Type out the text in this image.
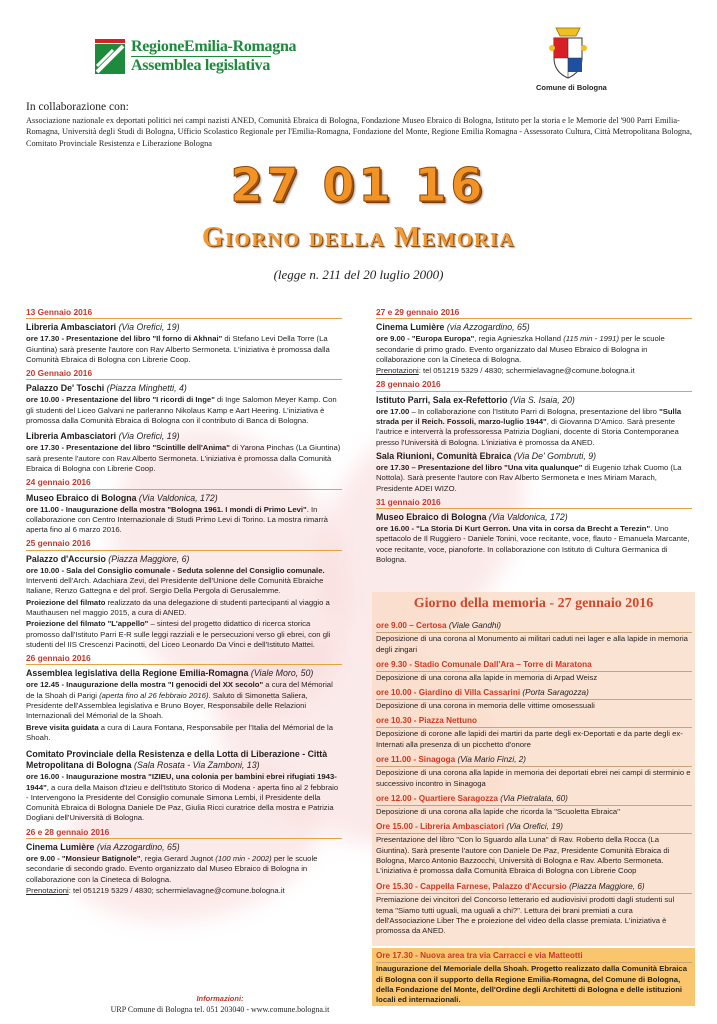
RegioneEmilia-Romagna
Assemblea legislativa
Comune di Bologna
In collaborazione con:
Associazione nazionale ex deportati politici nei campi nazisti ANED, Comunità Ebraica di Bologna, Fondazione Museo Ebraico di Bologna, Istituto per la storia e le Memorie del '900 Parri Emilia-Romagna, Università degli Studi di Bologna, Ufficio Scolastico Regionale per l'Emilia-Romagna, Fondazione del Monte, Regione Emilia Romagna - Assessorato Cultura, Città Metropolitana Bologna, Comitato Provinciale Resistenza e Liberazione Bologna
27 01 16
Giorno della Memoria
(legge n. 211 del 20 luglio 2000)
13 Gennaio 2016
Libreria Ambasciatori (Via Orefici, 19)
ore 17.30 - Presentazione del libro "Il forno di Akhnai" di Stefano Levi Della Torre (La Giuntina) sarà presente l'autore con Rav Alberto Sermoneta. L'iniziativa è promossa dalla Comunità Ebraica di Bologna con Librerie Coop.
20 Gennaio 2016
Palazzo De' Toschi (Piazza Minghetti, 4)
ore 10.00 - Presentazione del libro "I ricordi di Inge" di Inge Salomon Meyer Kamp. Con gli studenti del Liceo Galvani ne parleranno Nikolaus Kamp e Aart Heering. L'iniziativa è promossa dalla Comunità Ebraica di Bologna con il contributo di Banca di Bologna.
Libreria Ambasciatori (Via Orefici, 19)
ore 17.30 - Presentazione del libro "Scintille dell'Anima" di Yarona Pinchas (La Giuntina) sarà presente l'autore con Rav.Alberto Sermoneta. L'iniziativa è promossa dalla Comunità Ebraica di Bologna con Librerie Coop.
24 gennaio 2016
Museo Ebraico di Bologna (Via Valdonica, 172)
ore 11.00 - Inaugurazione della mostra "Bologna 1961. I mondi di Primo Levi". In collaborazione con Centro Internazionale di Studi Primo Levi di Torino. La mostra rimarrà aperta fino al 6 marzo 2016.
25 gennaio 2016
Palazzo d'Accursio (Piazza Maggiore, 6)
ore 10.00 - Sala del Consiglio comunale - Seduta solenne del Consiglio comunale. Interventi dell'Arch. Adachiara Zevi, del Presidente dell'Unione delle Comunità Ebraiche Italiane, Renzo Gattegna e del prof. Sergio Della Pergola di Gerusalemme.
Proiezione del filmato realizzato da una delegazione di studenti partecipanti al viaggio a Mauthausen nel maggio 2015, a cura di ANED.
Proiezione del filmato "L'appello" – sintesi del progetto didattico di ricerca storica promosso dall'Istituto Parri E-R sulle leggi razziali e le persecuzioni verso gli ebrei, con gli studenti del IIS Crescenzi Pacinotti, del Liceo Leonardo Da Vinci e dell'Istituto Mattei.
26 gennaio 2016
Assemblea legislativa della Regione Emilia-Romagna (Viale Moro, 50)
ore 12.45 - Inaugurazione della mostra "I genocidi del XX secolo" a cura del Mémorial de la Shoah di Parigi (aperta fino al 26 febbraio 2016). Saluto di Simonetta Saliera, Presidente dell'Assemblea legislativa e Bruno Boyer, Responsabile delle Relazioni Internazionali del Mémorial de la Shoah.
Breve visita guidata a cura di Laura Fontana, Responsabile per l'Italia del Mémorial de la Shoah.
Comitato Provinciale della Resistenza e della Lotta di Liberazione - Città Metropolitana di Bologna (Sala Rosata - Via Zamboni, 13)
ore 16.00 - Inaugurazione mostra "IZIEU, una colonia per bambini ebrei rifugiati 1943-1944", a cura della Maison d'Izieu e dell'Istituto Storico di Modena - aperta fino al 2 febbraio - Intervengono la Presidente del Consiglio comunale Simona Lembi, il Presidente della Comunità Ebraica di Bologna Daniele De Paz, Giulia Ricci curatrice della mostra e Patrizia Dogliani dell'Università di Bologna.
26 e 28 gennaio 2016
Cinema Lumière (via Azzogardino, 65)
ore 9.00 - "Monsieur Batignole", regia Gerard Jugnot (100 min - 2002) per le scuole secondarie di secondo grado. Evento organizzato dal Museo Ebraico di Bologna in collaborazione con la Cineteca di Bologna.
Prenotazioni: tel 051219 5329 / 4830; schermielavagne@comune.bologna.it
27 e 29 gennaio 2016
Cinema Lumière (via Azzogardino, 65)
ore 9.00 - "Europa Europa", regia Agnieszka Holland (115 min - 1991) per le scuole secondarie di primo grado. Evento organizzato dal Museo Ebraico di Bologna in collaborazione con la Cineteca di Bologna.
Prenotazioni: tel 051219 5329 / 4830; schermielavagne@comune.bologna.it
28 gennaio 2016
Istituto Parri, Sala ex-Refettorio (Via S. Isaia, 20)
ore 17.00 – In collaborazione con l'Istituto Parri di Bologna, presentazione del libro "Sulla strada per il Reich. Fossoli, marzo-luglio 1944", di Giovanna D'Amico. Sarà presente l'autrice e interverrà la professoressa Patrizia Dogliani, docente di Storia Contemporanea presso l'Università di Bologna. L'iniziativa è promossa da ANED.
Sala Riunioni, Comunità Ebraica (Via De' Gombruti, 9)
ore 17.30 – Presentazione del libro "Una vita qualunque" di Eugenio Izhak Cuomo (La Nottola). Sarà presente l'autore con Rav Alberto Sermoneta e Ines Miriam Marach, Presidente ADEI WIZO.
31 gennaio 2016
Museo Ebraico di Bologna (Via Valdonica, 172)
ore 16.00 - "La Storia Di Kurt Gerron. Una vita in corsa da Brecht a Terezin". Uno spettacolo de Il Ruggiero - Daniele Tonini, voce recitante, voce, flauto - Emanuela Marcante, voce recitante, voce, pianoforte. In collaborazione con Istituto di Cultura Germanica di Bologna.
Giorno della memoria - 27 gennaio 2016
ore 9.00 – Certosa (Viale Gandhi)
Deposizione di una corona al Monumento ai militari caduti nei lager e alla lapide in memoria degli zingari
ore 9.30 - Stadio Comunale Dall'Ara – Torre di Maratona
Deposizione di una corona alla lapide in memoria di Arpad Weisz
ore 10.00 - Giardino di Villa Cassarini (Porta Saragozza)
Deposizione di una corona in memoria delle vittime omosessuali
ore 10.30 - Piazza Nettuno
Deposizione di corone alle lapidi dei martiri da parte degli ex-Deportati e da parte degli ex-Internati alla presenza di un picchetto d'onore
ore 11.00 - Sinagoga (Via Mario Finzi, 2)
Deposizione di una corona alla lapide in memoria dei deportati ebrei nei campi di sterminio e successivo incontro in Sinagoga
ore 12.00 - Quartiere Saragozza (Via Pietralata, 60)
Deposizione di una corona alla lapide che ricorda la "Scuoletta Ebraica"
Ore 15.00 - Libreria Ambasciatori (Via Orefici, 19)
Presentazione del libro "Con lo Sguardo alla Luna" di Rav. Roberto della Rocca (La Giuntina). Sarà presente l'autore con Daniele De Paz, Presidente Comunità Ebraica di Bologna, Marco Antonio Bazzocchi, Università di Bologna e Rav. Alberto Sermoneta. L'iniziativa è promossa dalla Comunità Ebraica di Bologna con Librerie Coop
Ore 15.30 - Cappella Farnese, Palazzo d'Accursio (Piazza Maggiore, 6)
Premiazione dei vincitori del Concorso letterario ed audiovisivi prodotti dagli studenti sul tema "Siamo tutti uguali, ma uguali a chi?". Lettura dei brani premiati a cura dell'Associazione Liber The e proiezione del video della classe premiata. L'iniziativa è promossa da ANED.
Ore 17.30 - Nuova area tra via Carracci e via Matteotti
Inaugurazione del Memoriale della Shoah. Progetto realizzato dalla Comunità Ebraica di Bologna con il supporto della Regione Emilia-Romagna, del Comune di Bologna, della Fondazione del Monte, dell'Ordine degli Architetti di Bologna e delle istituzioni locali ed internazionali.
Informazioni:
URP Comune di Bologna tel. 051 203040 - www.comune.bologna.it
